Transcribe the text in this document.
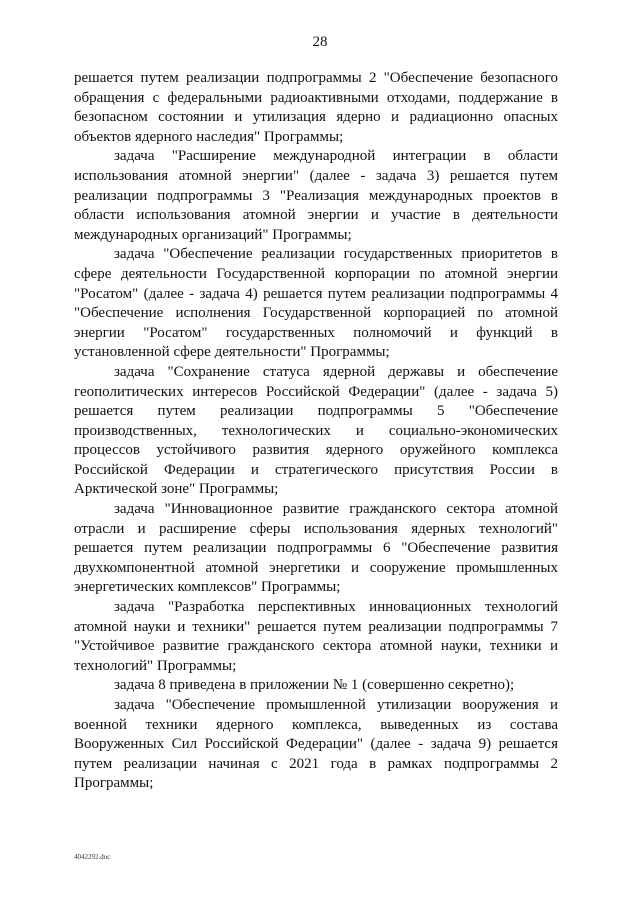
28

решается путем реализации подпрограммы 2 "Обеспечение безопасного обращения с федеральными радиоактивными отходами, поддержание в безопасном состоянии и утилизация ядерно и радиационно опасных объектов ядерного наследия" Программы;

задача "Расширение международной интеграции в области использования атомной энергии" (далее - задача 3) решается путем реализации подпрограммы 3 "Реализация международных проектов в области использования атомной энергии и участие в деятельности международных организаций" Программы;

задача "Обеспечение реализации государственных приоритетов в сфере деятельности Государственной корпорации по атомной энергии "Росатом" (далее - задача 4) решается путем реализации подпрограммы 4 "Обеспечение исполнения Государственной корпорацией по атомной энергии "Росатом" государственных полномочий и функций в установленной сфере деятельности" Программы;

задача "Сохранение статуса ядерной державы и обеспечение геополитических интересов Российской Федерации" (далее - задача 5) решается путем реализации подпрограммы 5 "Обеспечение производственных, технологических и социально-экономических процессов устойчивого развития ядерного оружейного комплекса Российской Федерации и стратегического присутствия России в Арктической зоне" Программы;

задача "Инновационное развитие гражданского сектора атомной отрасли и расширение сферы использования ядерных технологий" решается путем реализации подпрограммы 6 "Обеспечение развития двухкомпонентной атомной энергетики и сооружение промышленных энергетических комплексов" Программы;

задача "Разработка перспективных инновационных технологий атомной науки и техники" решается путем реализации подпрограммы 7 "Устойчивое развитие гражданского сектора атомной науки, техники и технологий" Программы;

задача 8 приведена в приложении № 1 (совершенно секретно);

задача "Обеспечение промышленной утилизации вооружения и военной техники ядерного комплекса, выведенных из состава Вооруженных Сил Российской Федерации" (далее - задача 9) решается путем реализации начиная с 2021 года в рамках подпрограммы 2 Программы;

4042292.doc
